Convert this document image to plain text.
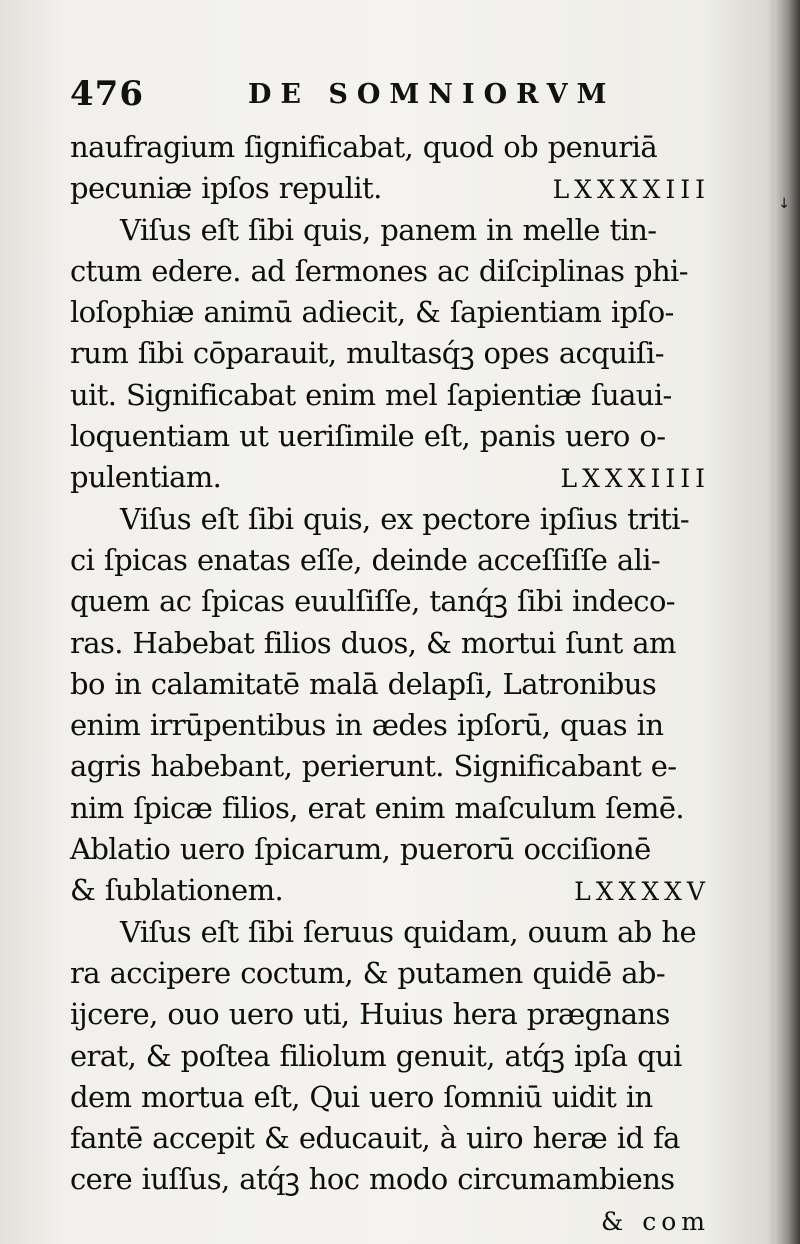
↓
476	DE SOMNIORVM
naufragium ſignificabat, quod ob penuriā
pecuniæ ipſos repulit.	LXXXXIII
Viſus eſt ſibi quis, panem in melle tin-
ctum edere. ad ſermones ac diſciplinas phi-
loſophiæ animū adiecit, & ſapientiam ipſo-
rum ſibi cōparauit, multasq́ꝫ opes acquiſi-
uit. Significabat enim mel ſapientiæ ſuaui-
loquentiam ut ueriſimile eſt, panis uero o-
pulentiam.	LXXXIIII
Viſus eſt ſibi quis, ex pectore ipſius triti-
ci ſpicas enatas eſſe, deinde acceſſiſſe ali-
quem ac ſpicas euulſiſſe, tanq́ꝫ ſibi indeco-
ras. Habebat filios duos, & mortui ſunt am
bo in calamitatē malā delapſi, Latronibus
enim irrūpentibus in ædes ipſorū, quas in
agris habebant, perierunt. Significabant e-
nim ſpicæ filios, erat enim maſculum ſemē.
Ablatio uero ſpicarum, puerorū occiſionē
& ſublationem.	LXXXXV
Viſus eſt ſibi ſeruus quidam, ouum ab he
ra accipere coctum, & putamen quidē ab-
ijcere, ouo uero uti, Huius hera prægnans
erat, & poſtea filiolum genuit, atq́ꝫ ipſa qui
dem mortua eſt, Qui uero ſomniū uidit in
fantē accepit & educauit, à uiro heræ id fa
cere iuſſus, atq́ꝫ hoc modo circumambiens
& com
